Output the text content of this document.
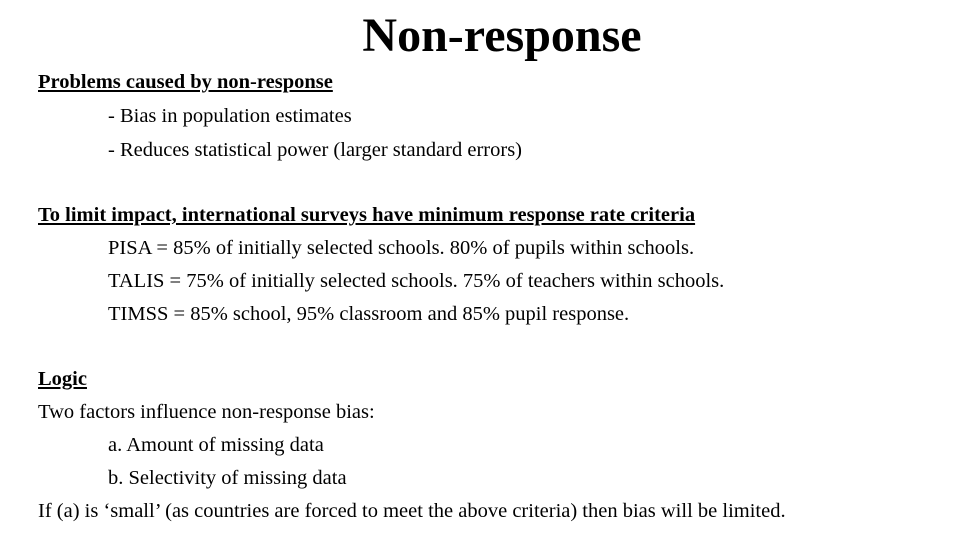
Non-response
Problems caused by non-response
- Bias in population estimates
- Reduces statistical power (larger standard errors)
To limit impact, international surveys have minimum response rate criteria
PISA = 85% of initially selected schools. 80% of pupils within schools.
TALIS = 75% of initially selected schools. 75% of teachers within schools.
TIMSS = 85% school, 95% classroom and 85% pupil response.
Logic
Two factors influence non-response bias:
a. Amount of missing data
b. Selectivity of missing data
If (a) is ‘small’ (as countries are forced to meet the above criteria) then bias will be limited.
